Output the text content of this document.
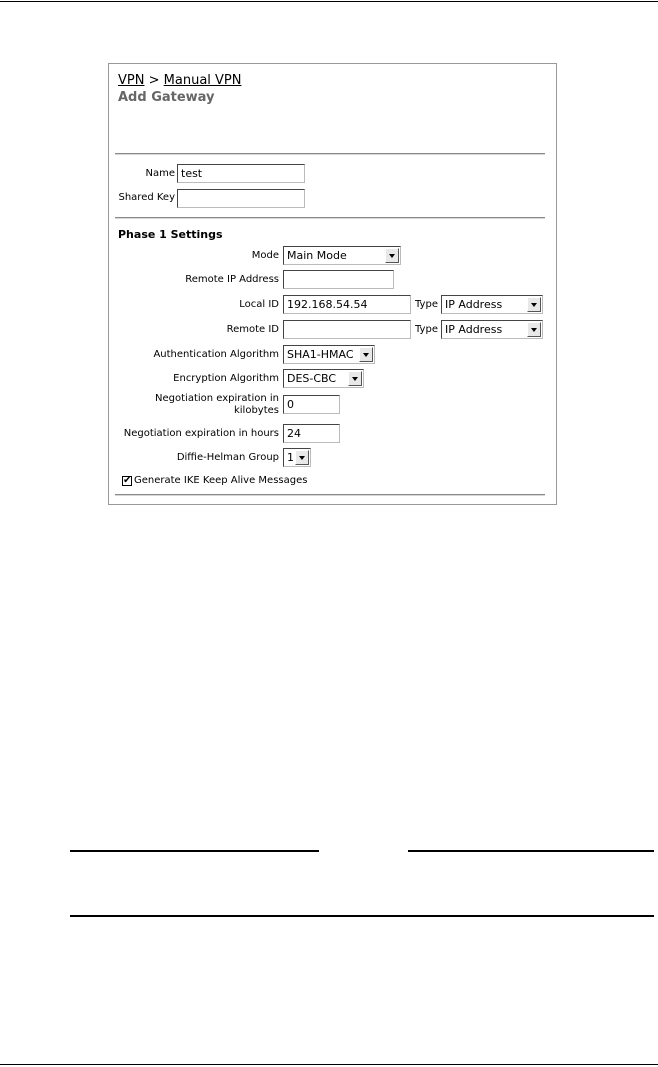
VPN > Manual VPN
Add Gateway
Name
test
Shared Key
Phase 1 Settings
Mode Main Mode
Remote IP Address
Local ID
192.168.54.54	Type IP Address
Remote ID	Type IP Address
Authentication Algorithm SHA1-HMAC
Encryption Algorithm DES-CBC
Negotiation expiration in
kilobytes
0
Negotiation expiration in hours
24
Diffie-Helman Group 1
✔ Generate IKE Keep Alive Messages
